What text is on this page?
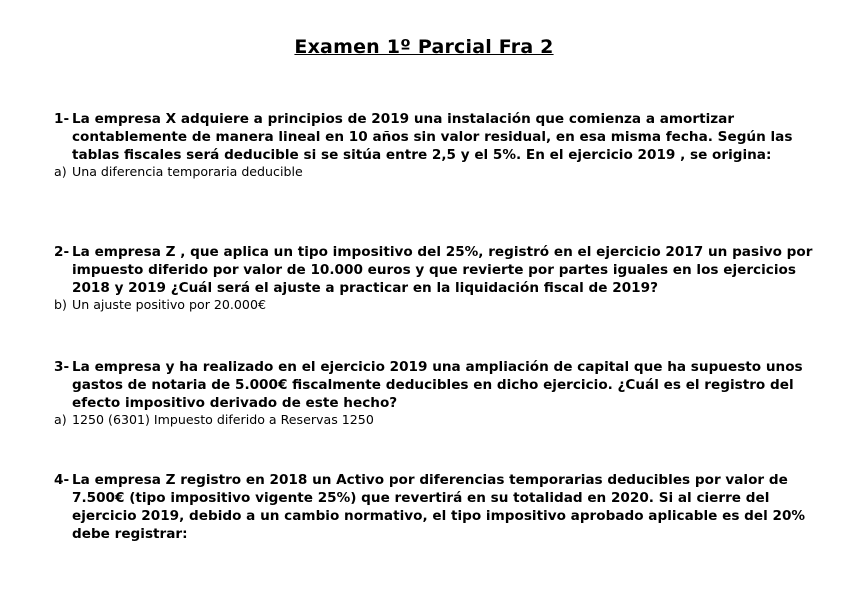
Examen 1º Parcial Fra 2
1- La empresa X adquiere a principios de 2019 una instalación que comienza a amortizar contablemente de manera lineal en 10 años sin valor residual, en esa misma fecha. Según las tablas fiscales será deducible si se sitúa entre 2,5 y el 5%. En el ejercicio 2019 , se origina:
a) Una diferencia temporaria deducible
2- La empresa Z , que aplica un tipo impositivo del 25%, registró en el ejercicio 2017 un pasivo por impuesto diferido por valor de 10.000 euros y que revierte por partes iguales en los ejercicios 2018 y 2019 ¿Cuál será el ajuste a practicar en la liquidación fiscal de 2019?
b) Un ajuste positivo por 20.000€
3- La empresa y ha realizado en el ejercicio 2019 una ampliación de capital que ha supuesto unos gastos de notaria de 5.000€ fiscalmente deducibles en dicho ejercicio. ¿Cuál es el registro del efecto impositivo derivado de este hecho?
a) 1250 (6301) Impuesto diferido a Reservas 1250
4- La empresa Z registro en 2018 un Activo por diferencias temporarias deducibles por valor de 7.500€ (tipo impositivo vigente 25%) que revertirá en su totalidad en 2020. Si al cierre del ejercicio 2019, debido a un cambio normativo, el tipo impositivo aprobado aplicable es del 20% debe registrar:
